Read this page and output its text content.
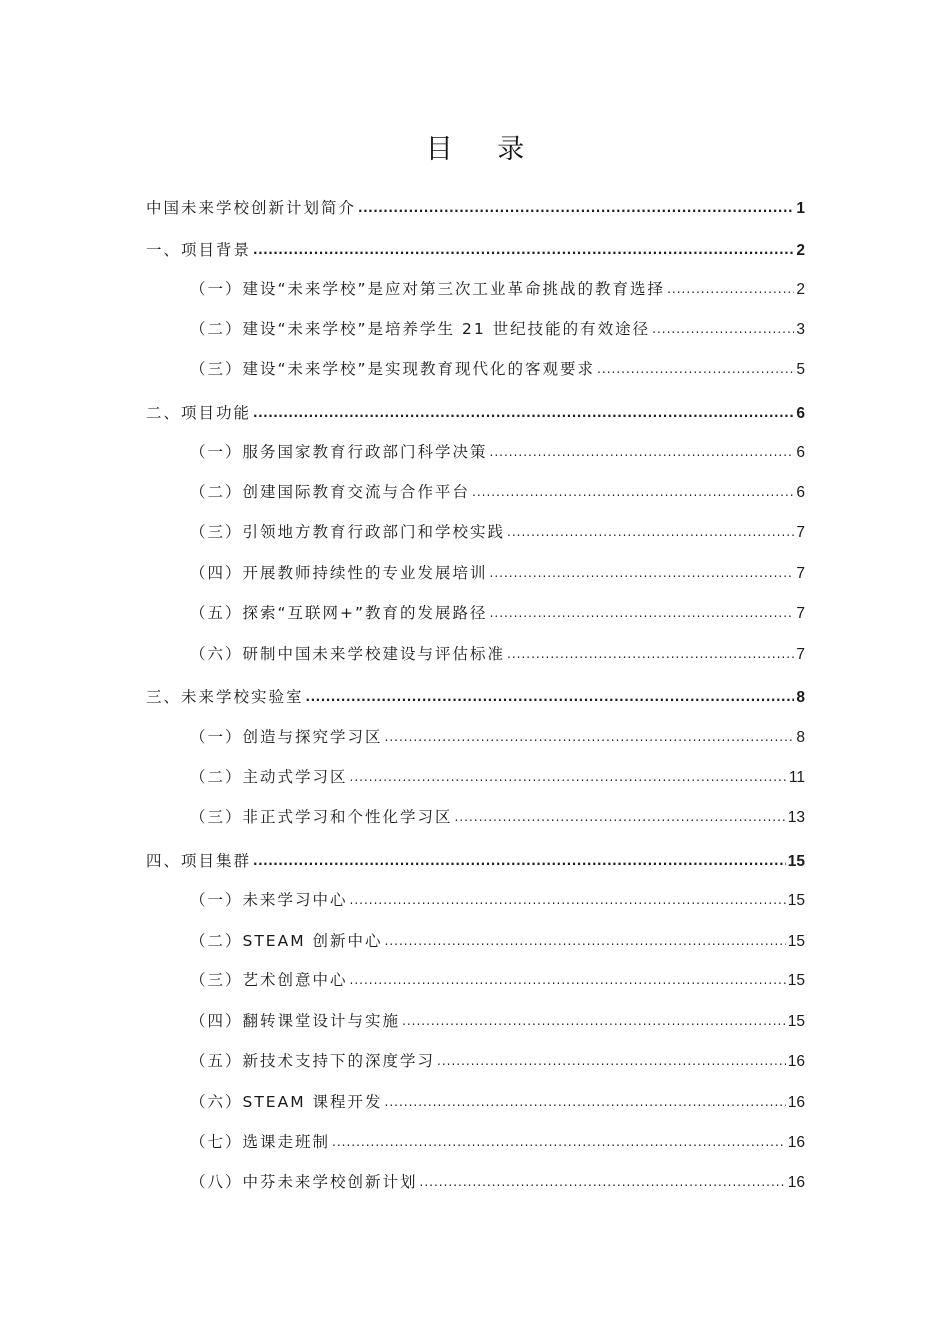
目 录
中国未来学校创新计划简介 .....	1
一、项目背景 .....	2
（一）建设“未来学校”是应对第三次工业革命挑战的教育选择 .....	2
（二）建设“未来学校”是培养学生 21 世纪技能的有效途径 .....	3
（三）建设“未来学校”是实现教育现代化的客观要求 .....	5
二、项目功能 .....	6
（一）服务国家教育行政部门科学决策 .....	6
（二）创建国际教育交流与合作平台 .....	6
（三）引领地方教育行政部门和学校实践 .....	7
（四）开展教师持续性的专业发展培训 .....	7
（五）探索“互联网+”教育的发展路径 .....	7
（六）研制中国未来学校建设与评估标准 .....	7
三、未来学校实验室 .....	8
（一）创造与探究学习区 .....	8
（二）主动式学习区 .....	11
（三）非正式学习和个性化学习区 .....	13
四、项目集群 .....	15
（一）未来学习中心 .....	15
（二）STEAM 创新中心 .....	15
（三）艺术创意中心 .....	15
（四）翻转课堂设计与实施 .....	15
（五）新技术支持下的深度学习 .....	16
（六）STEAM 课程开发 .....	16
（七）选课走班制 .....	16
（八）中芬未来学校创新计划 .....	16
